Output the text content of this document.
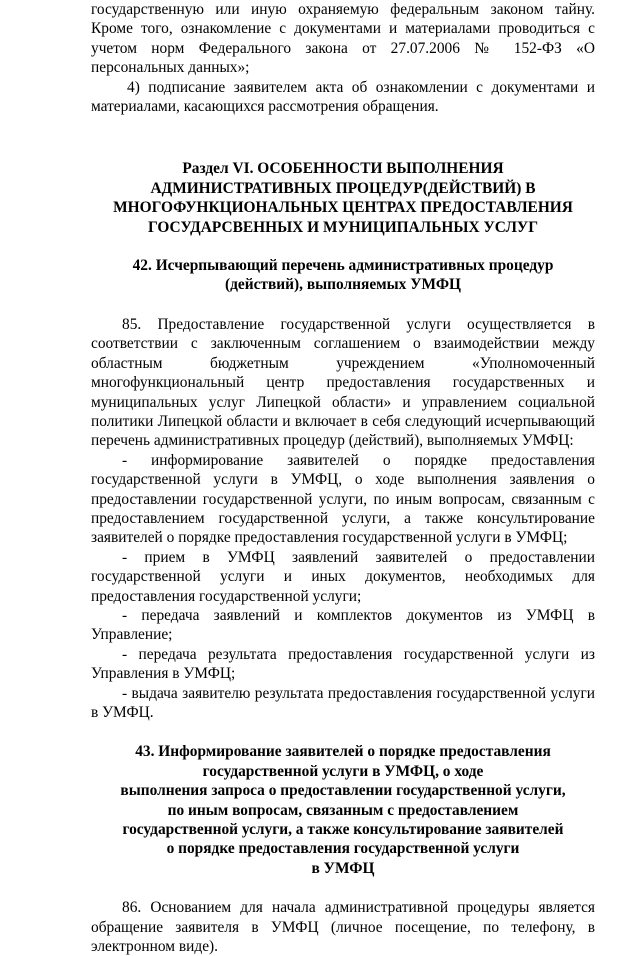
государственную или иную охраняемую федеральным законом тайну. Кроме того, ознакомление с документами и материалами проводиться с учетом норм Федерального закона от 27.07.2006 № 152-ФЗ «О персональных данных»;

4) подписание заявителем акта об ознакомлении с документами и материалами, касающихся рассмотрения обращения.

Раздел VI. ОСОБЕННОСТИ ВЫПОЛНЕНИЯ
АДМИНИСТРАТИВНЫХ ПРОЦЕДУР(ДЕЙСТВИЙ) В
МНОГОФУНКЦИОНАЛЬНЫХ ЦЕНТРАХ ПРЕДОСТАВЛЕНИЯ
ГОСУДАРСВЕННЫХ И МУНИЦИПАЛЬНЫХ УСЛУГ
42. Исчерпывающий перечень административных процедур
(действий), выполняемых УМФЦ

85. Предоставление государственной услуги осуществляется в соответствии с заключенным соглашением о взаимодействии между областным бюджетным учреждением «Уполномоченный многофункциональный центр предоставления государственных и муниципальных услуг Липецкой области» и управлением социальной политики Липецкой области и включает в себя следующий исчерпывающий перечень административных процедур (действий), выполняемых УМФЦ:

- информирование заявителей о порядке предоставления государственной услуги в УМФЦ, о ходе выполнения заявления о предоставлении государственной услуги, по иным вопросам, связанным с предоставлением государственной услуги, а также консультирование заявителей о порядке предоставления государственной услуги в УМФЦ;

- прием в УМФЦ заявлений заявителей о предоставлении государственной услуги и иных документов, необходимых для предоставления государственной услуги;

- передача заявлений и комплектов документов из УМФЦ в Управление;

- передача результата предоставления государственной услуги из Управления в УМФЦ;

- выдача заявителю результата предоставления государственной услуги в УМФЦ.

43. Информирование заявителей о порядке предоставления
государственной услуги в УМФЦ, о ходе
выполнения запроса о предоставлении государственной услуги,
по иным вопросам, связанным с предоставлением
государственной услуги, а также консультирование заявителей
о порядке предоставления государственной услуги
в УМФЦ

86. Основанием для начала административной процедуры является обращение заявителя в УМФЦ (личное посещение, по телефону, в электронном виде).
